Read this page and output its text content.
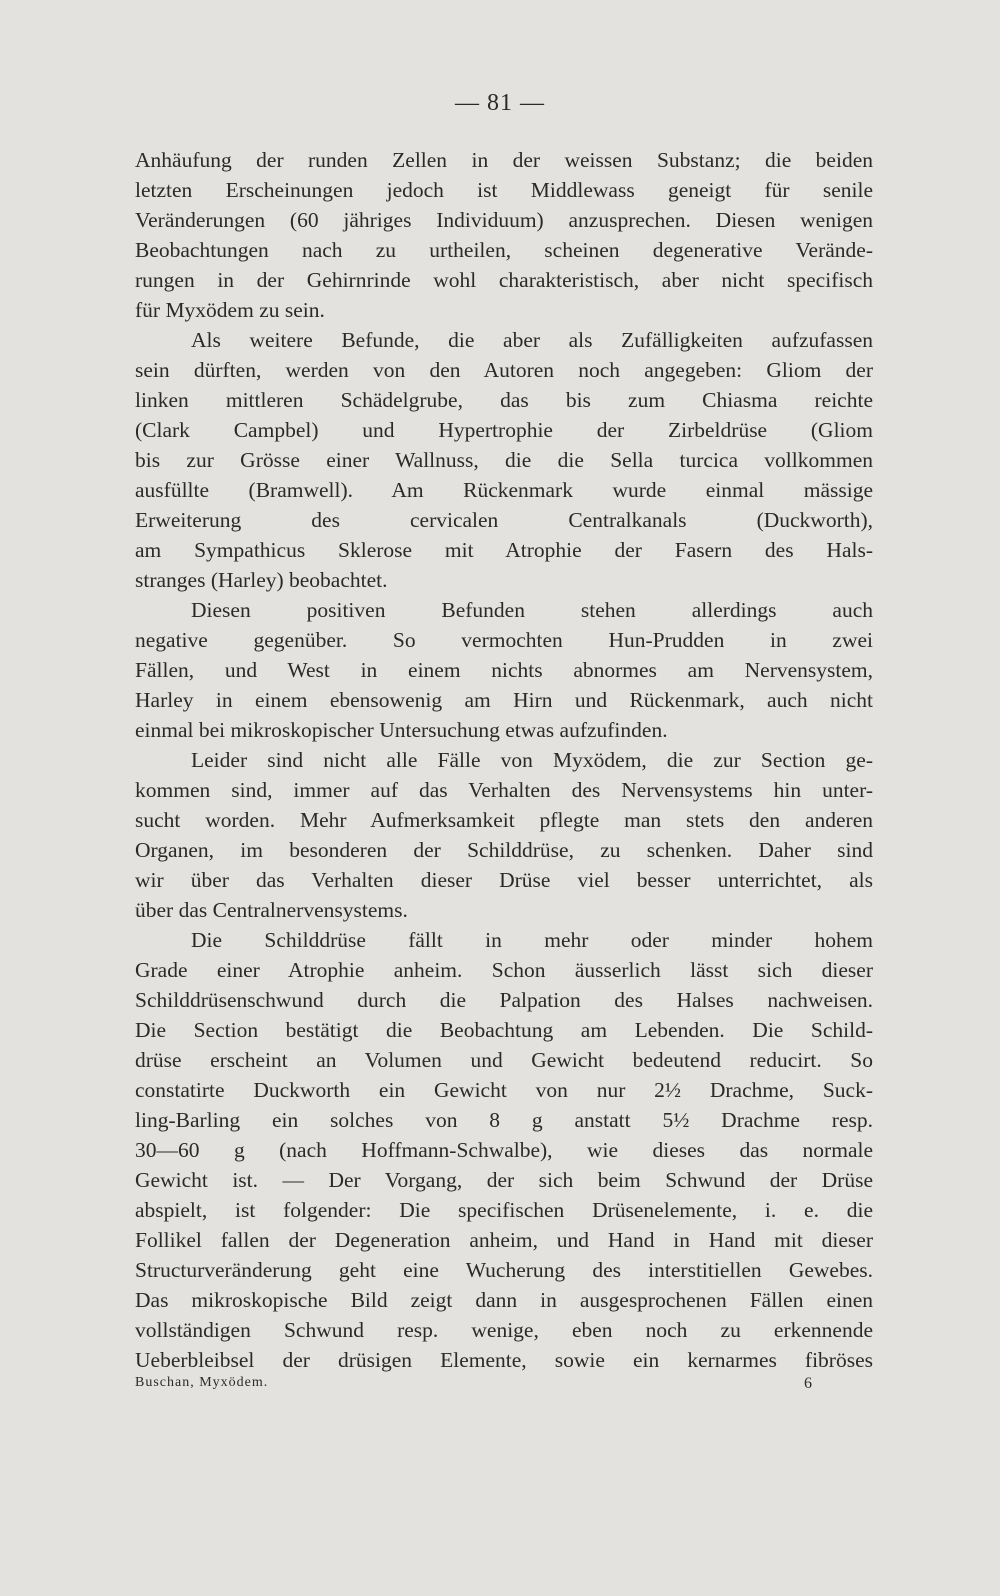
— 81 —
Anhäufung der runden Zellen in der weissen Substanz; die beiden
letzten Erscheinungen jedoch ist Middlewass geneigt für senile
Veränderungen (60 jähriges Individuum) anzusprechen. Diesen wenigen
Beobachtungen nach zu urtheilen, scheinen degenerative Verände-
rungen in der Gehirnrinde wohl charakteristisch, aber nicht specifisch
für Myxödem zu sein.
Als weitere Befunde, die aber als Zufälligkeiten aufzufassen
sein dürften, werden von den Autoren noch angegeben: Gliom der
linken mittleren Schädelgrube, das bis zum Chiasma reichte
(Clark Campbel) und Hypertrophie der Zirbeldrüse (Gliom
bis zur Grösse einer Wallnuss, die die Sella turcica vollkommen
ausfüllte (Bramwell). Am Rückenmark wurde einmal mässige
Erweiterung des cervicalen Centralkanals (Duckworth),
am Sympathicus Sklerose mit Atrophie der Fasern des Hals-
stranges (Harley) beobachtet.
Diesen positiven Befunden stehen allerdings auch
negative gegenüber. So vermochten Hun-Prudden in zwei
Fällen, und West in einem nichts abnormes am Nervensystem,
Harley in einem ebensowenig am Hirn und Rückenmark, auch nicht
einmal bei mikroskopischer Untersuchung etwas aufzufinden.
Leider sind nicht alle Fälle von Myxödem, die zur Section ge-
kommen sind, immer auf das Verhalten des Nervensystems hin unter-
sucht worden. Mehr Aufmerksamkeit pflegte man stets den anderen
Organen, im besonderen der Schilddrüse, zu schenken. Daher sind
wir über das Verhalten dieser Drüse viel besser unterrichtet, als
über das Centralnervensystems.
Die Schilddrüse fällt in mehr oder minder hohem
Grade einer Atrophie anheim. Schon äusserlich lässt sich dieser
Schilddrüsenschwund durch die Palpation des Halses nachweisen.
Die Section bestätigt die Beobachtung am Lebenden. Die Schild-
drüse erscheint an Volumen und Gewicht bedeutend reducirt. So
constatirte Duckworth ein Gewicht von nur 2½ Drachme, Suck-
ling-Barling ein solches von 8 g anstatt 5½ Drachme resp.
30—60 g (nach Hoffmann-Schwalbe), wie dieses das normale
Gewicht ist. — Der Vorgang, der sich beim Schwund der Drüse
abspielt, ist folgender: Die specifischen Drüsenelemente, i. e. die
Follikel fallen der Degeneration anheim, und Hand in Hand mit dieser
Structurveränderung geht eine Wucherung des interstitiellen Gewebes.
Das mikroskopische Bild zeigt dann in ausgesprochenen Fällen einen
vollständigen Schwund resp. wenige, eben noch zu erkennende
Ueberbleibsel der drüsigen Elemente, sowie ein kernarmes fibröses
Buschan, Myxödem.	6
